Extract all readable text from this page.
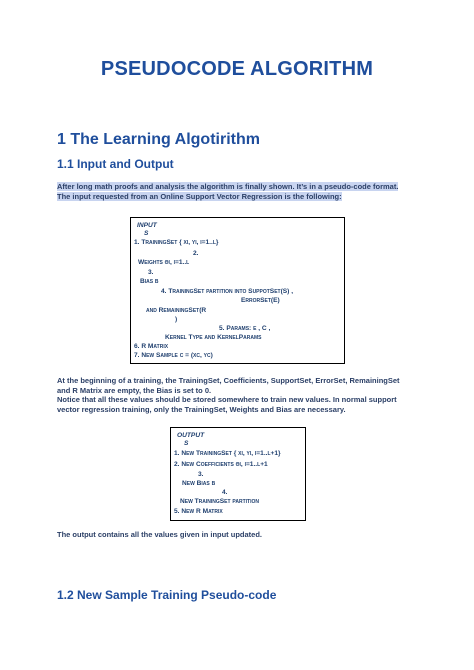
PSEUDOCODE ALGORITHM
1 The Learning Algotirithm
1.1 Input and Output
After long math proofs and analysis the algorithm is finally shown. It’s in a pseudo-code format.
The input requested from an Online Support Vector Regression is the following:
INPUT
S
1. TrainingSet { xi, yi, i=1..l}
2.
Weights θi, i=1..l
3.
Bias b
4. TrainingSet partition into SuppotSet(S) ,
ErrorSet(E)
and RemainingSet(R
)
5. Params: ε , C ,
Kernel Type and KernelParams
6. R Matrix
7. New Sample c = (xc, yc)
At the beginning of a training, the TrainingSet, Coefficients, SupportSet, ErrorSet, RemainingSet
and R Matrix are empty, the Bias is set to 0.
Notice that all these values should be stored somewhere to train new values. In normal support
vector regression training, only the TrainingSet, Weights and Bias are necessary.
OUTPUT
S
1. New TrainingSet { xi, yi, i=1..l+1}
2. New Coefficients θi, i=1..l+1
3.
New Bias b
4.
New TrainingSet partition
5. New R Matrix
The output contains all the values given in input updated.
1.2 New Sample Training Pseudo-code
